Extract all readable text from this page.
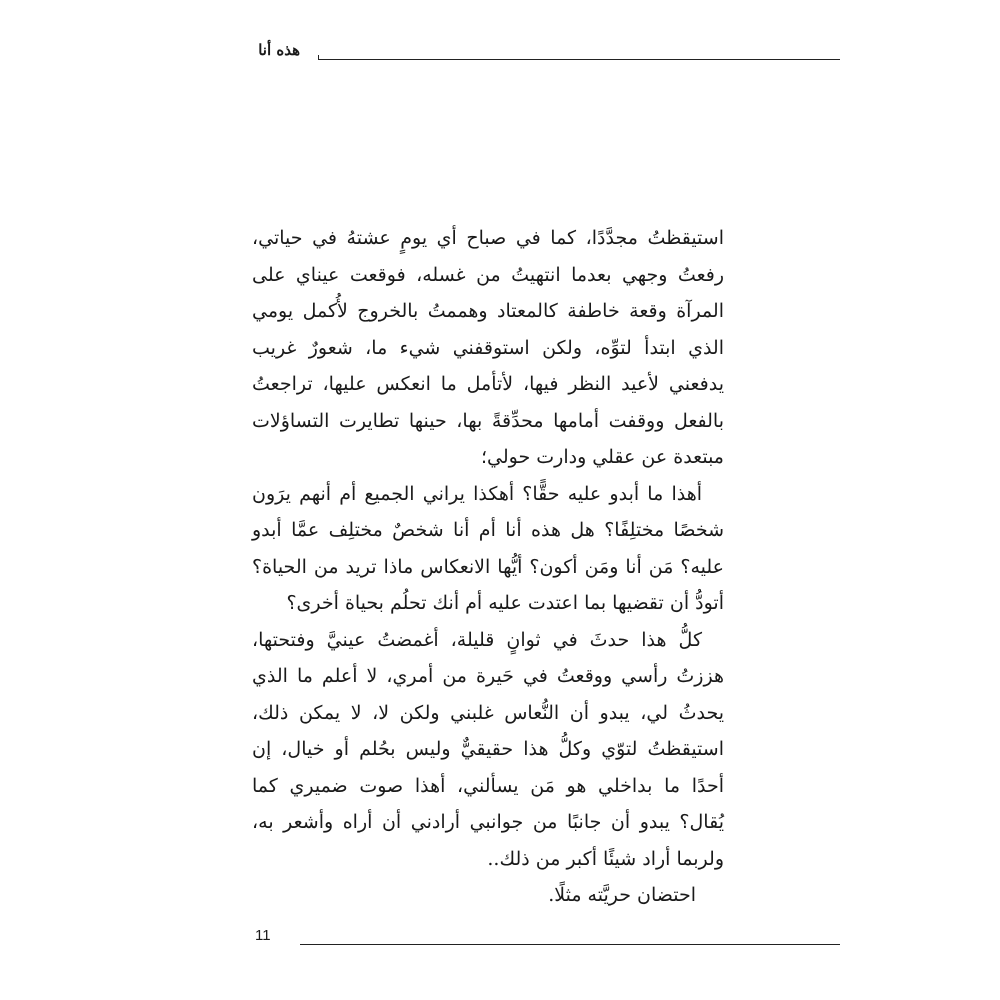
هذه أنا

استيقظتُ مجدَّدًا، كما في صباح أي يومٍ عشتهُ في حياتي، رفعتُ وجهي بعدما انتهيتُ من غسله، فوقعت عيناي على المرآة وقعة خاطفة كالمعتاد وهممتُ بالخروج لأُكمل يومي الذي ابتدأ لتوِّه، ولكن استوقفني شيء ما، شعورٌ غريب يدفعني لأعيد النظر فيها، لأتأمل ما انعكس عليها، تراجعتُ بالفعل ووقفت أمامها محدِّقةً بها، حينها تطايرت التساؤلات مبتعدة عن عقلي ودارت حولي؛

أهذا ما أبدو عليه حقًّا؟ أهكذا يراني الجميع أم أنهم يرَون شخصًا مختلِفًا؟ هل هذه أنا أم أنا شخصٌ مختلِف عمَّا أبدو عليه؟ مَن أنا ومَن أكون؟ أيُّها الانعكاس ماذا تريد من الحياة؟ أتودُّ أن تقضيها بما اعتدت عليه أم أنك تحلُم بحياة أخرى؟

كلُّ هذا حدثَ في ثوانٍ قليلة، أغمضتُ عينيَّ وفتحتها، هززتُ رأسي ووقعتُ في حَيرة من أمري، لا أعلم ما الذي يحدثُ لي، يبدو أن النُّعاس غلبني ولكن لا، لا يمكن ذلك، استيقظتُ لتوّي وكلُّ هذا حقيقيٌّ وليس بحُلم أو خيال، إن أحدًا ما بداخلي هو مَن يسألني، أهذا صوت ضميري كما يُقال؟ يبدو أن جانبًا من جوانبي أرادني أن أراه وأشعر به، ولربما أراد شيئًا أكبر من ذلك..

احتضان حريَّته مثلًا.

11
